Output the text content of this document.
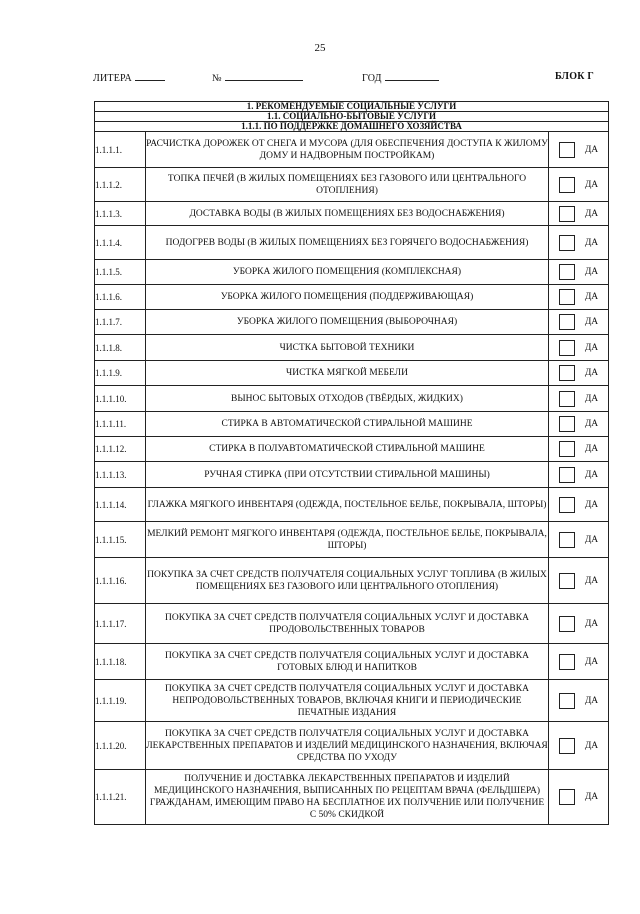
25
ЛИТЕРА	№	ГОД	БЛОК Г
1. РЕКОМЕНДУЕМЫЕ СОЦИАЛЬНЫЕ УСЛУГИ		
1.1. СОЦИАЛЬНО-БЫТОВЫЕ УСЛУГИ		
1.1.1. ПО ПОДДЕРЖКЕ ДОМАШНЕГО ХОЗЯЙСТВА		
1.1.1.1.	РАСЧИСТКА ДОРОЖЕК ОТ СНЕГА И МУСОРА (ДЛЯ ОБЕСПЕЧЕНИЯ ДОСТУПА К ЖИЛОМУ ДОМУ И НАДВОРНЫМ ПОСТРОЙКАМ)	ДА
1.1.1.2.	ТОПКА ПЕЧЕЙ (В ЖИЛЫХ ПОМЕЩЕНИЯХ БЕЗ ГАЗОВОГО ИЛИ ЦЕНТРАЛЬНОГО ОТОПЛЕНИЯ)	ДА
1.1.1.3.	ДОСТАВКА ВОДЫ (В ЖИЛЫХ ПОМЕЩЕНИЯХ БЕЗ ВОДОСНАБЖЕНИЯ)	ДА
1.1.1.4.	ПОДОГРЕВ ВОДЫ (В ЖИЛЫХ ПОМЕЩЕНИЯХ БЕЗ ГОРЯЧЕГО ВОДОСНАБЖЕНИЯ)	ДА
1.1.1.5.	УБОРКА ЖИЛОГО ПОМЕЩЕНИЯ (КОМПЛЕКСНАЯ)	ДА
1.1.1.6.	УБОРКА ЖИЛОГО ПОМЕЩЕНИЯ (ПОДДЕРЖИВАЮЩАЯ)	ДА
1.1.1.7.	УБОРКА ЖИЛОГО ПОМЕЩЕНИЯ (ВЫБОРОЧНАЯ)	ДА
1.1.1.8.	ЧИСТКА БЫТОВОЙ ТЕХНИКИ	ДА
1.1.1.9.	ЧИСТКА МЯГКОЙ МЕБЕЛИ	ДА
1.1.1.10.	ВЫНОС БЫТОВЫХ ОТХОДОВ (ТВЁРДЫХ, ЖИДКИХ)	ДА
1.1.1.11.	СТИРКА В АВТОМАТИЧЕСКОЙ СТИРАЛЬНОЙ МАШИНЕ	ДА
1.1.1.12.	СТИРКА В ПОЛУАВТОМАТИЧЕСКОЙ СТИРАЛЬНОЙ МАШИНЕ	ДА
1.1.1.13.	РУЧНАЯ СТИРКА (ПРИ ОТСУТСТВИИ СТИРАЛЬНОЙ МАШИНЫ)	ДА
1.1.1.14.	ГЛАЖКА МЯГКОГО ИНВЕНТАРЯ (ОДЕЖДА, ПОСТЕЛЬНОЕ БЕЛЬЕ, ПОКРЫВАЛА, ШТОРЫ)	ДА
1.1.1.15.	МЕЛКИЙ РЕМОНТ МЯГКОГО ИНВЕНТАРЯ (ОДЕЖДА, ПОСТЕЛЬНОЕ БЕЛЬЕ, ПОКРЫВАЛА, ШТОРЫ)	ДА
1.1.1.16.	ПОКУПКА ЗА СЧЕТ СРЕДСТВ ПОЛУЧАТЕЛЯ СОЦИАЛЬНЫХ УСЛУГ ТОПЛИВА (В ЖИЛЫХ ПОМЕЩЕНИЯХ БЕЗ ГАЗОВОГО ИЛИ ЦЕНТРАЛЬНОГО ОТОПЛЕНИЯ)	ДА
1.1.1.17.	ПОКУПКА ЗА СЧЕТ СРЕДСТВ ПОЛУЧАТЕЛЯ СОЦИАЛЬНЫХ УСЛУГ И ДОСТАВКА ПРОДОВОЛЬСТВЕННЫХ ТОВАРОВ	ДА
1.1.1.18.	ПОКУПКА ЗА СЧЕТ СРЕДСТВ ПОЛУЧАТЕЛЯ СОЦИАЛЬНЫХ УСЛУГ И ДОСТАВКА ГОТОВЫХ БЛЮД И НАПИТКОВ	ДА
1.1.1.19.	ПОКУПКА ЗА СЧЕТ СРЕДСТВ ПОЛУЧАТЕЛЯ СОЦИАЛЬНЫХ УСЛУГ И ДОСТАВКА НЕПРОДОВОЛЬСТВЕННЫХ ТОВАРОВ, ВКЛЮЧАЯ КНИГИ И ПЕРИОДИЧЕСКИЕ ПЕЧАТНЫЕ ИЗДАНИЯ	ДА
1.1.1.20.	ПОКУПКА ЗА СЧЕТ СРЕДСТВ ПОЛУЧАТЕЛЯ СОЦИАЛЬНЫХ УСЛУГ И ДОСТАВКА ЛЕКАРСТВЕННЫХ ПРЕПАРАТОВ И ИЗДЕЛИЙ МЕДИЦИНСКОГО НАЗНАЧЕНИЯ, ВКЛЮЧАЯ СРЕДСТВА ПО УХОДУ	ДА
1.1.1.21.	ПОЛУЧЕНИЕ И ДОСТАВКА ЛЕКАРСТВЕННЫХ ПРЕПАРАТОВ И ИЗДЕЛИЙ МЕДИЦИНСКОГО НАЗНАЧЕНИЯ, ВЫПИСАННЫХ ПО РЕЦЕПТАМ ВРАЧА (ФЕЛЬДШЕРА) ГРАЖДАНАМ, ИМЕЮЩИМ ПРАВО НА БЕСПЛАТНОЕ ИХ ПОЛУЧЕНИЕ ИЛИ ПОЛУЧЕНИЕ С 50% СКИДКОЙ	ДА
